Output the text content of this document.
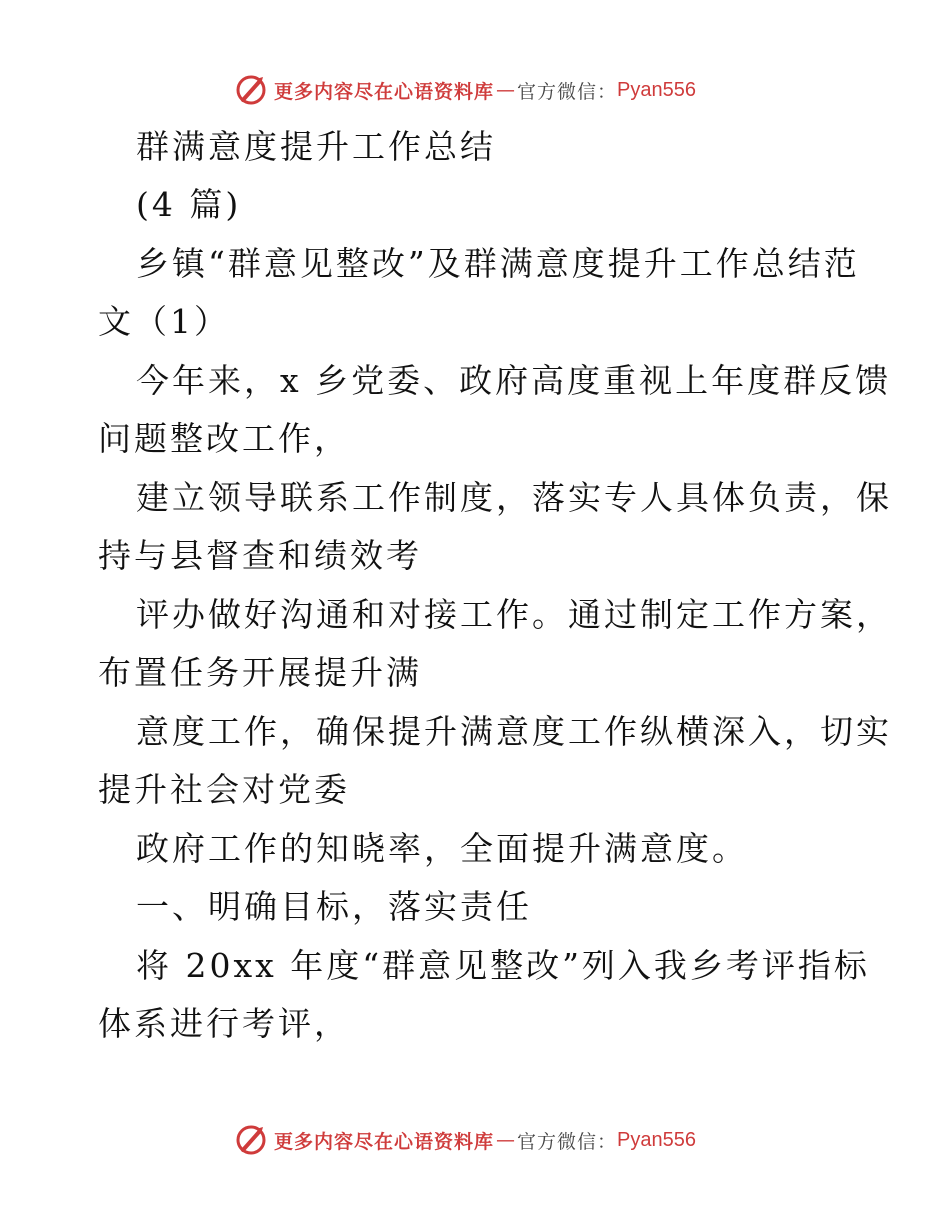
更多内容尽在心语资料库 — 官方微信： Pyan556
群满意度提升工作总结
(4 篇)
乡镇“群意见整改”及群满意度提升工作总结范
文（1）
今年来，x 乡党委、政府高度重视上年度群反馈
问题整改工作，
建立领导联系工作制度，落实专人具体负责，保
持与县督查和绩效考
评办做好沟通和对接工作。通过制定工作方案，
布置任务开展提升满
意度工作，确保提升满意度工作纵横深入，切实
提升社会对党委
政府工作的知晓率，全面提升满意度。
一、明确目标，落实责任
将 20xx 年度“群意见整改”列入我乡考评指标
体系进行考评，
更多内容尽在心语资料库 — 官方微信： Pyan556
